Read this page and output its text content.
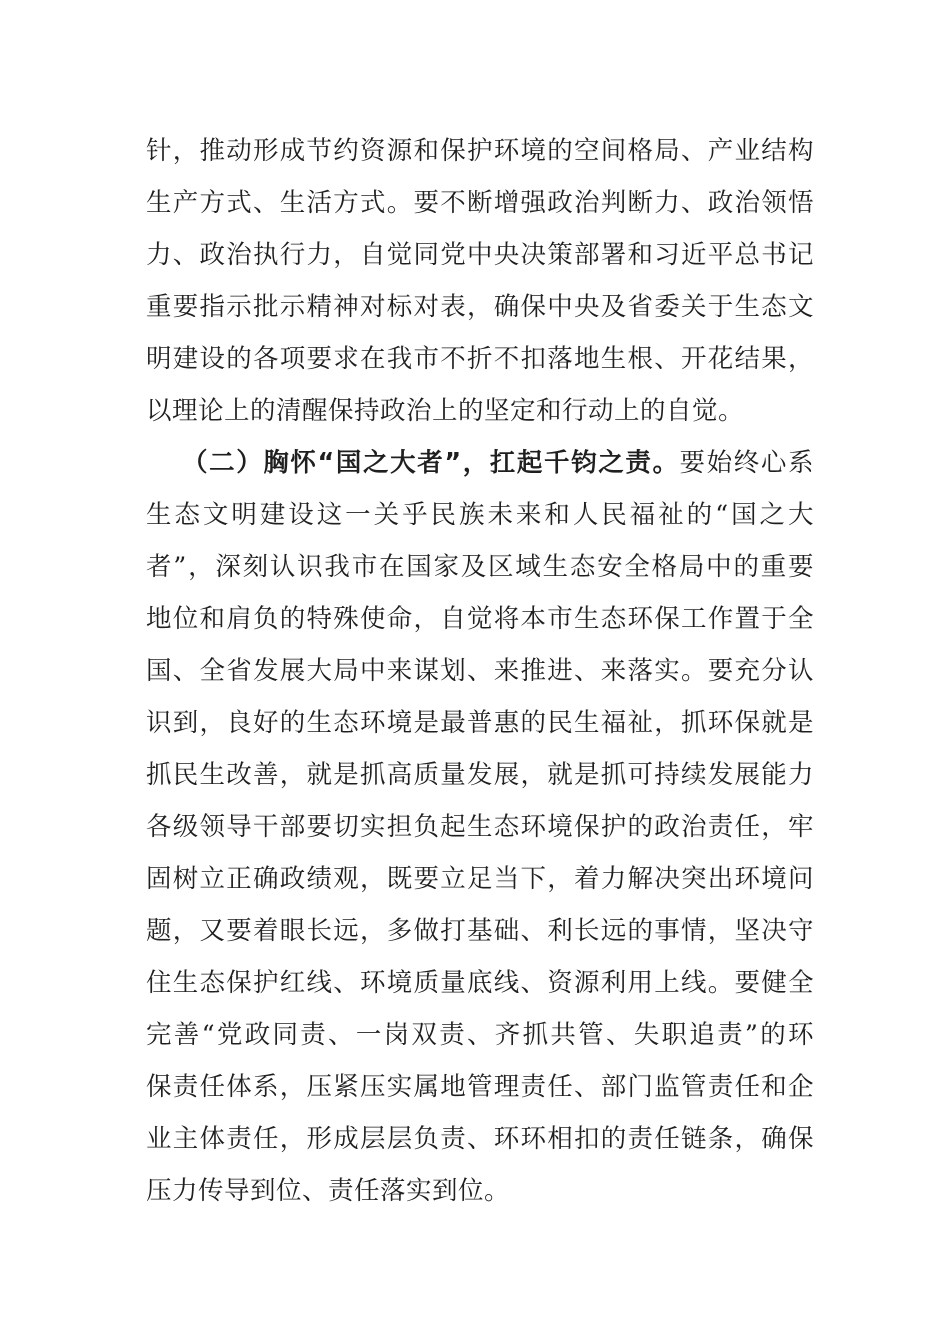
针，推动形成节约资源和保护环境的空间格局、产业结构
生产方式、生活方式。要不断增强政治判断力、政治领悟
力、政治执行力，自觉同党中央决策部署和习近平总书记
重要指示批示精神对标对表，确保中央及省委关于生态文
明建设的各项要求在我市不折不扣落地生根、开花结果，
以理论上的清醒保持政治上的坚定和行动上的自觉。
（二）胸怀“国之大者”，扛起千钧之责。要始终心系
生态文明建设这一关乎民族未来和人民福祉的“国之大
者”，深刻认识我市在国家及区域生态安全格局中的重要
地位和肩负的特殊使命，自觉将本市生态环保工作置于全
国、全省发展大局中来谋划、来推进、来落实。要充分认
识到，良好的生态环境是最普惠的民生福祉，抓环保就是
抓民生改善，就是抓高质量发展，就是抓可持续发展能力
各级领导干部要切实担负起生态环境保护的政治责任，牢
固树立正确政绩观，既要立足当下，着力解决突出环境问
题，又要着眼长远，多做打基础、利长远的事情，坚决守
住生态保护红线、环境质量底线、资源利用上线。要健全
完善“党政同责、一岗双责、齐抓共管、失职追责”的环
保责任体系，压紧压实属地管理责任、部门监管责任和企
业主体责任，形成层层负责、环环相扣的责任链条，确保
压力传导到位、责任落实到位。
